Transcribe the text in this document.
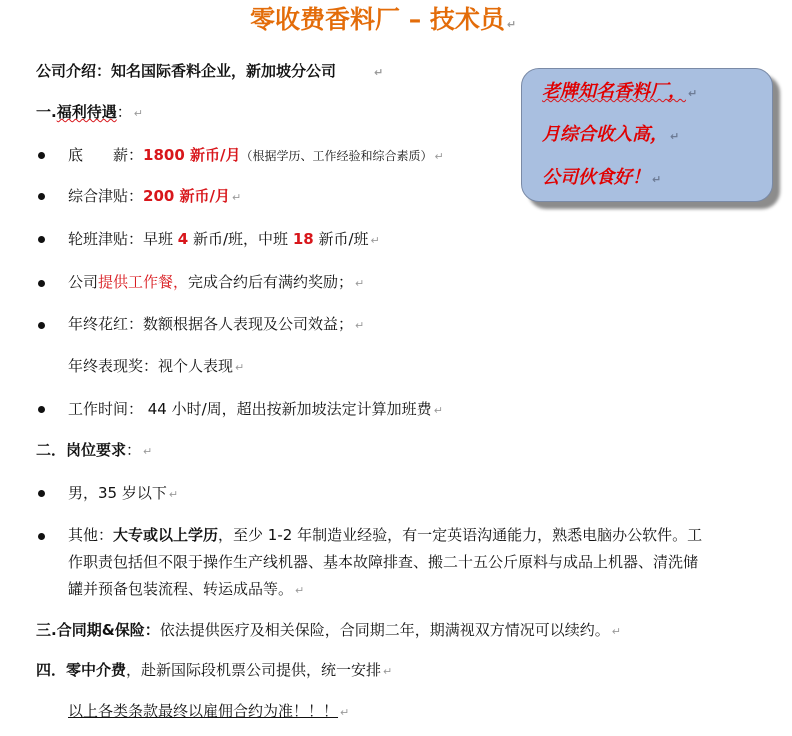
零收费香料厂 – 技术员 ↵
公司介绍：知名国际香料企业，新加坡分公司	↵
老牌知名香料厂， ↵
月综合收入高， ↵
公司伙食好！ ↵
一.福利待遇： ↵
底　　薪：1800 新币/月（根据学历、工作经验和综合素质） ↵
综合津贴：200 新币/月 ↵
轮班津贴：早班 4 新币/班，中班 18 新币/班 ↵
公司提供工作餐，完成合约后有满约奖励； ↵
年终花红：数额根据各人表现及公司效益； ↵
年终表现奖：视个人表现 ↵
工作时间： 44 小时/周，超出按新加坡法定计算加班费 ↵
二．岗位要求： ↵
男，35 岁以下 ↵
其他：大专或以上学历，至少 1-2 年制造业经验，有一定英语沟通能力，熟悉电脑办公软件。工
作职责包括但不限于操作生产线机器、基本故障排查、搬二十五公斤原料与成品上机器、清洗储
罐并预备包装流程、转运成品等。 ↵
三.合同期&保险：依法提供医疗及相关保险，合同期二年，期满视双方情况可以续约。 ↵
四．零中介费，赴新国际段机票公司提供，统一安排 ↵
以上各类条款最终以雇佣合约为准！！！ ↵
